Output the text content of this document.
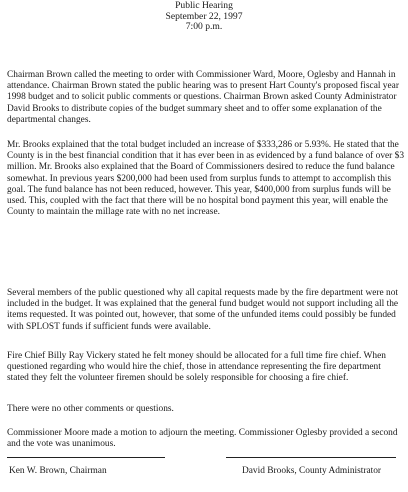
Public Hearing
September 22, 1997
7:00 p.m.

Chairman Brown called the meeting to order with Commissioner Ward, Moore, Oglesby and Hannah in attendance. Chairman Brown stated the public hearing was to present Hart County's proposed fiscal year 1998 budget and to solicit public comments or questions. Chairman Brown asked County Administrator David Brooks to distribute copies of the budget summary sheet and to offer some explanation of the departmental changes.

Mr. Brooks explained that the total budget included an increase of $333,286 or 5.93%. He stated that the County is in the best financial condition that it has ever been in as evidenced by a fund balance of over $3 million. Mr. Brooks also explained that the Board of Commissioners desired to reduce the fund balance somewhat. In previous years $200,000 had been used from surplus funds to attempt to accomplish this goal. The fund balance has not been reduced, however. This year, $400,000 from surplus funds will be used. This, coupled with the fact that there will be no hospital bond payment this year, will enable the County to maintain the millage rate with no net increase.

Several members of the public questioned why all capital requests made by the fire department were not included in the budget. It was explained that the general fund budget would not support including all the items requested. It was pointed out, however, that some of the unfunded items could possibly be funded with SPLOST funds if sufficient funds were available.

Fire Chief Billy Ray Vickery stated he felt money should be allocated for a full time fire chief. When questioned regarding who would hire the chief, those in attendance representing the fire department stated they felt the volunteer firemen should be solely responsible for choosing a fire chief.

There were no other comments or questions.

Commissioner Moore made a motion to adjourn the meeting. Commissioner Oglesby provided a second and the vote was unanimous.

Ken W. Brown, Chairman	David Brooks, County Administrator
